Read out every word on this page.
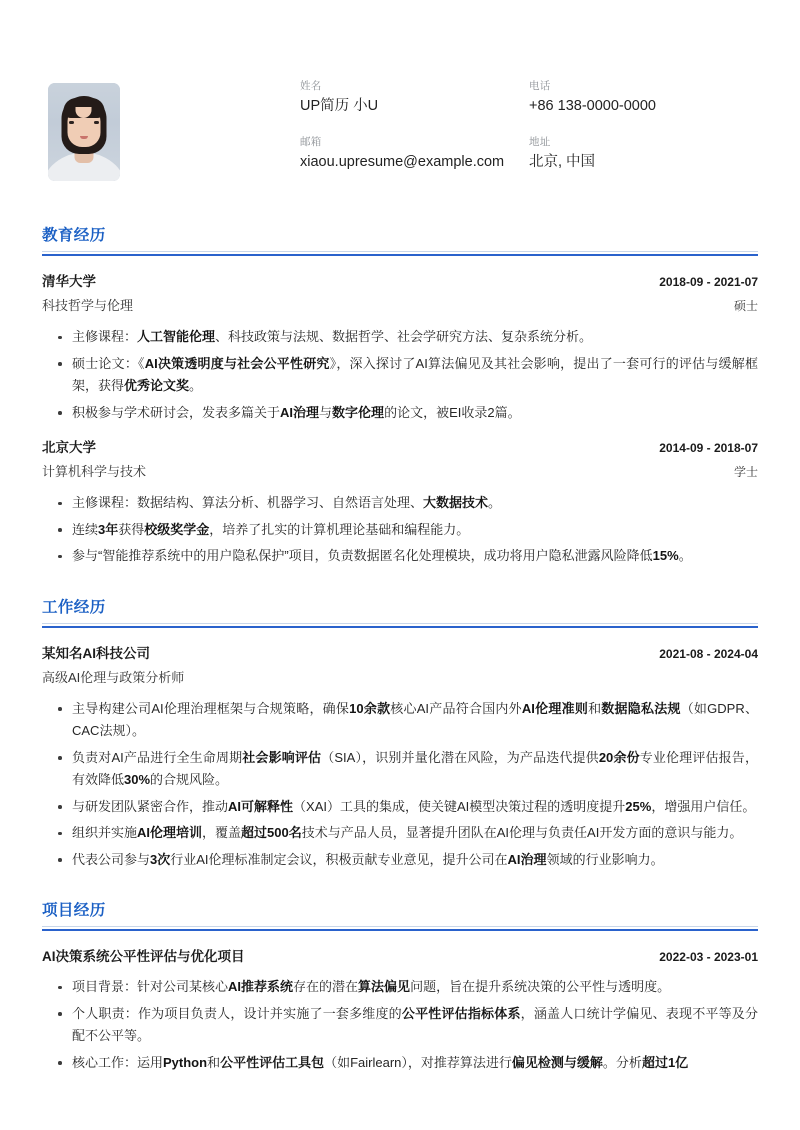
姓名
UP简历 小U
电话
+86 138-0000-0000
邮箱
xiaou.upresume@example.com
地址
北京, 中国
教育经历
清华大学
科技哲学与伦理
2018-09 - 2021-07
硕士
主修课程：人工智能伦理、科技政策与法规、数据哲学、社会学研究方法、复杂系统分析。
硕士论文：《AI决策透明度与社会公平性研究》，深入探讨了AI算法偏见及其社会影响，提出了一套可行的评估与缓解框架，获得优秀论文奖。
积极参与学术研讨会，发表多篇关于AI治理与数字伦理的论文，被EI收录2篇。
北京大学
计算机科学与技术
2014-09 - 2018-07
学士
主修课程：数据结构、算法分析、机器学习、自然语言处理、大数据技术。
连续3年获得校级奖学金，培养了扎实的计算机理论基础和编程能力。
参与“智能推荐系统中的用户隐私保护”项目，负责数据匿名化处理模块，成功将用户隐私泄露风险降低15%。
工作经历
某知名AI科技公司
高级AI伦理与政策分析师
2021-08 - 2024-04
主导构建公司AI伦理治理框架与合规策略，确保10余款核心AI产品符合国内外AI伦理准则和数据隐私法规（如GDPR、CAC法规）。
负责对AI产品进行全生命周期社会影响评估（SIA），识别并量化潜在风险，为产品迭代提供20余份专业伦理评估报告，有效降低30%的合规风险。
与研发团队紧密合作，推动AI可解释性（XAI）工具的集成，使关键AI模型决策过程的透明度提升25%，增强用户信任。
组织并实施AI伦理培训，覆盖超过500名技术与产品人员，显著提升团队在AI伦理与负责任AI开发方面的意识与能力。
代表公司参与3次行业AI伦理标准制定会议，积极贡献专业意见，提升公司在AI治理领域的行业影响力。
项目经历
AI决策系统公平性评估与优化项目	2022-03 - 2023-01
项目背景：针对公司某核心AI推荐系统存在的潜在算法偏见问题，旨在提升系统决策的公平性与透明度。
个人职责：作为项目负责人，设计并实施了一套多维度的公平性评估指标体系，涵盖人口统计学偏见、表现不平等及分配不公平等。
核心工作：运用Python和公平性评估工具包（如Fairlearn），对推荐算法进行偏见检测与缓解。分析超过1亿
